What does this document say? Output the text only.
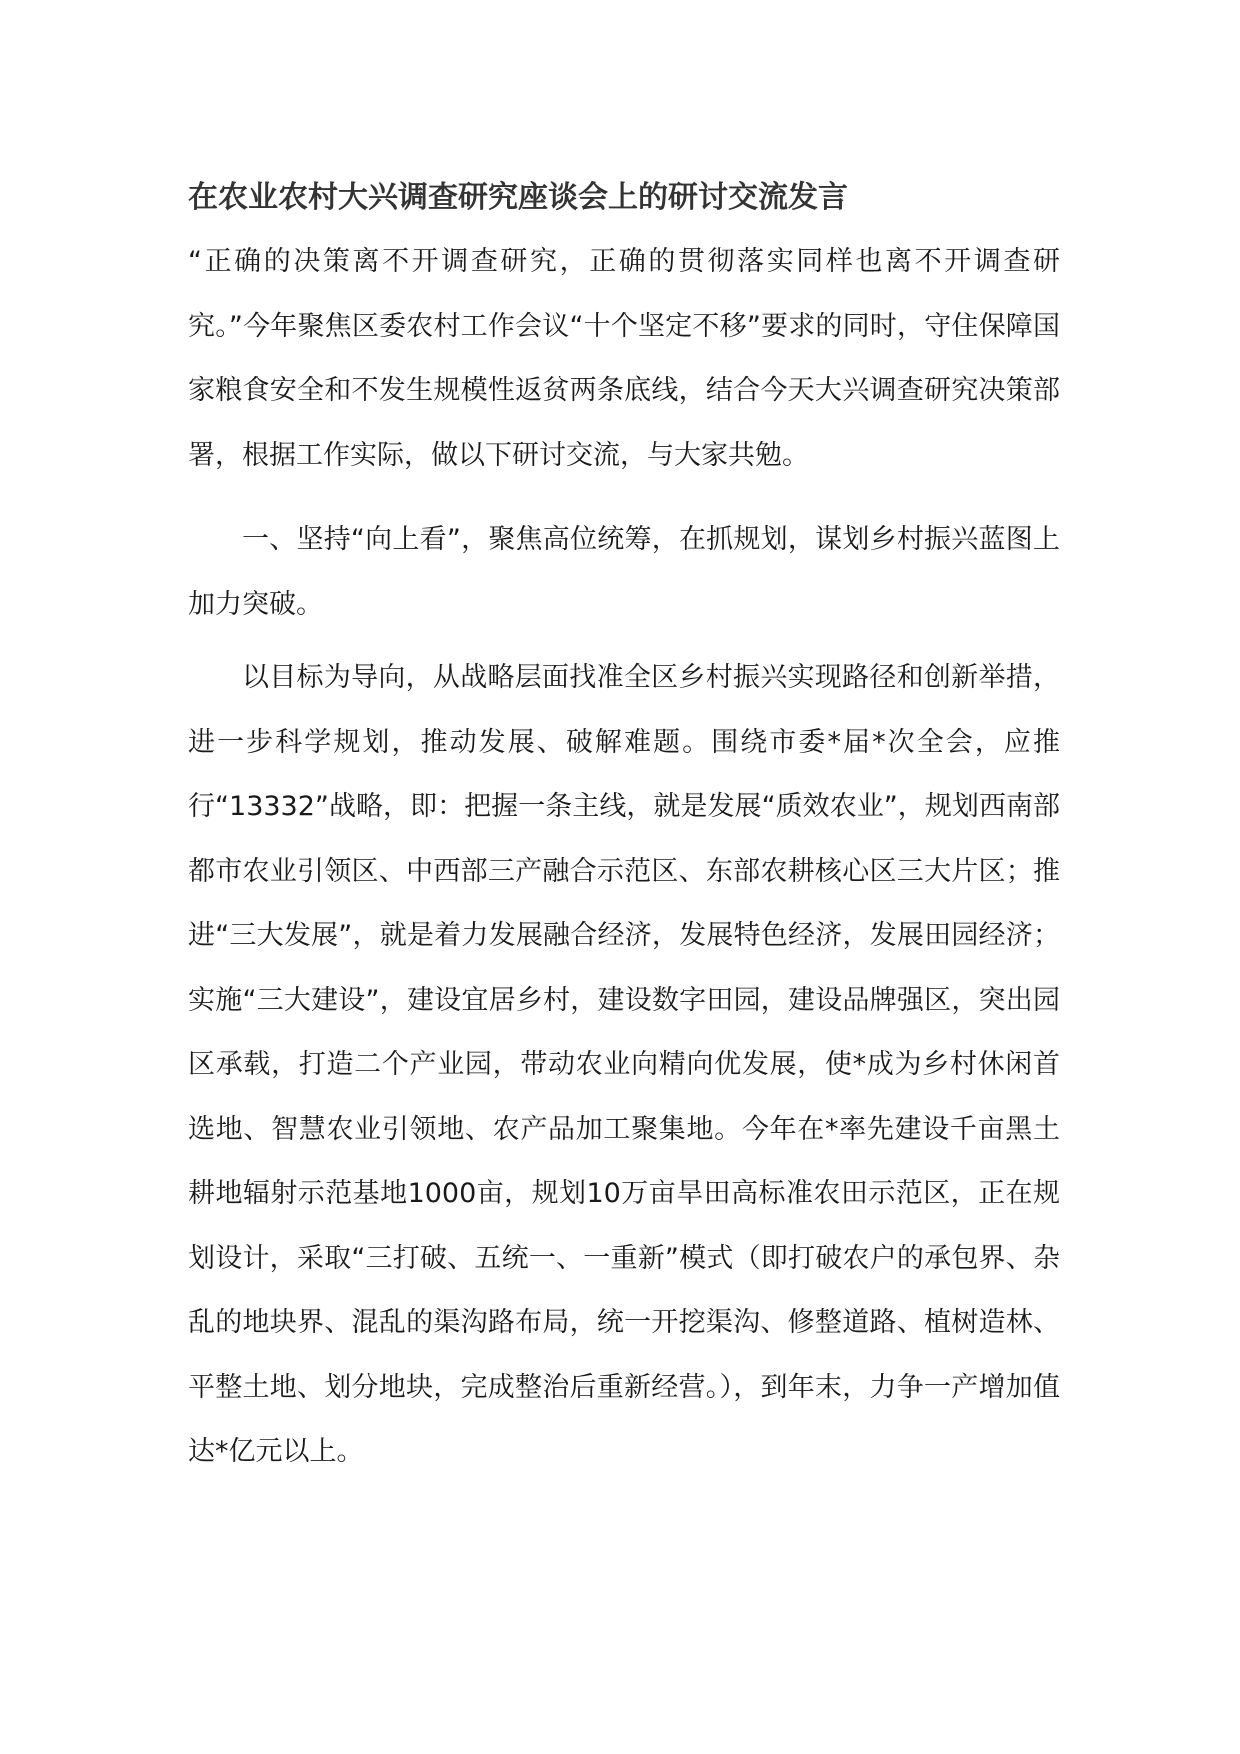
在农业农村大兴调查研究座谈会上的研讨交流发言

“正确的决策离不开调查研究，正确的贯彻落实同样也离不开调查研究。”今年聚焦区委农村工作会议“十个坚定不移”要求的同时，守住保障国家粮食安全和不发生规模性返贫两条底线，结合今天大兴调查研究决策部署，根据工作实际，做以下研讨交流，与大家共勉。

一、坚持“向上看”，聚焦高位统筹，在抓规划，谋划乡村振兴蓝图上加力突破。

以目标为导向，从战略层面找准全区乡村振兴实现路径和创新举措，进一步科学规划，推动发展、破解难题。围绕市委*届*次全会，应推行“13332”战略，即：把握一条主线，就是发展“质效农业”，规划西南部都市农业引领区、中西部三产融合示范区、东部农耕核心区三大片区；推进“三大发展”，就是着力发展融合经济，发展特色经济，发展田园经济；实施“三大建设”，建设宜居乡村，建设数字田园，建设品牌强区，突出园区承载，打造二个产业园，带动农业向精向优发展，使*成为乡村休闲首选地、智慧农业引领地、农产品加工聚集地。今年在*率先建设千亩黑土耕地辐射示范基地1000亩，规划10万亩旱田高标准农田示范区，正在规划设计，采取“三打破、五统一、一重新”模式（即打破农户的承包界、杂乱的地块界、混乱的渠沟路布局，统一开挖渠沟、修整道路、植树造林、平整土地、划分地块，完成整治后重新经营。），到年末，力争一产增加值达*亿元以上。
